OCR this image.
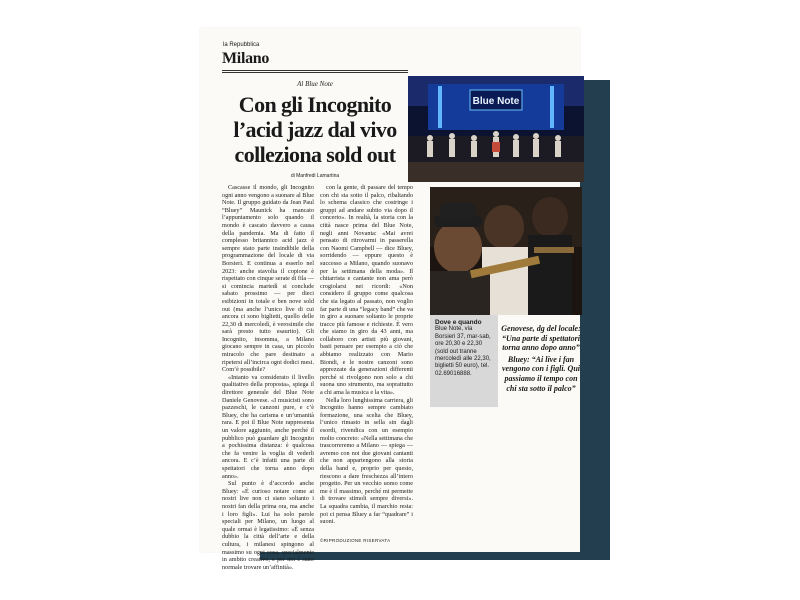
la Repubblica
Milano
Al Blue Note
Con gli Incognito l’acid jazz dal vivo colleziona sold out
di Manfredi Lamartina

Cascasse il mondo, gli Incognito ogni anno vengono a suonare al Blue Note. Il gruppo guidato da Jean Paul “Bluey” Maunick ha mancato l’appuntamento solo quando il mondo è cascato davvero a causa della pandemia. Ma di fatto il complesso britannico acid jazz è sempre stato parte insindibile della programmazione del locale di via Borsieri. E continua a esserlo nel 2023: anche stavolta il copione è rispettato con cinque serate di fila — si comincia martedì si conclude sabato prossimo — per dieci esibizioni in totale e ben nove sold out (ma anche l’unico live di cui ancora ci sono biglietti, quello delle 22,30 di mercoledì, è verosimile che sarà presto tutto esaurito). Gli Incognito, insomma, a Milano giocano sempre in casa, un piccolo miracolo che pare destinato a ripetersi all’incirca ogni dodici mesi. Com’è possibile?

«Intanto va considerato il livello qualitativo della proposta», spiega il direttore generale del Blue Note Daniele Genovese. «I musicisti sono pazzeschi, le canzoni pure, e c’è Bluey, che ha carisma e un’umanità rara. E poi il Blue Note rappresenta un valore aggiunto, anche perché il pubblico può guardare gli Incognito a pochissima distanza: è qualcosa che fa venire la voglia di vederli ancora. E c’è infatti una parte di spettatori che torna anno dopo anno».

Sul punto è d’accordo anche Bluey: «È curioso notare come ai nostri live non ci siano soltanto i nostri fan della prima ora, ma anche i loro figli». Lui ha solo parole speciali per Milano, un luogo al quale ormai è legatissimo: «È senza dubbio la città dell’arte e della cultura, i milanesi spingono al massimo su ogni cosa, specialmente in ambito creativo, e per noi è stato normale trovare un’affinità».

con la gente, di passare del tempo con chi sta sotto il palco, ribaltando lo schema classico che costringe i gruppi ad andare subito via dopo il concerto». In realtà, la storia con la città nasce prima del Blue Note, negli anni Novanta: «Mai avrei pensato di ritrovarmi in passerella con Naomi Campbell — dice Bluey, sorridendo — eppure questo è successo a Milano, quando suonavo per la settimana della moda». Il chitarrista e cantante non ama però crogiolarsi nei ricordi: «Non considero il gruppo come qualcosa che sia legato al passato, non voglio far parte di una “legacy band” che va in giro a suonare soltanto le proprie tracce più famose e richieste. È vero che siamo in giro da 43 anni, ma collaboro con artisti più giovani, basti pensare per esempio a ciò che abbiamo realizzato con Mario Biondi, e le nostre canzoni sono apprezzate da generazioni differenti perché si rivolgono non solo a chi suona uno strumento, ma soprattutto a chi ama la musica e la vita».

Nella loro lunghissima carriera, gli Incognito hanno sempre cambiato formazione, una scelta che Bluey, l’unico rimasto in sella sin dagli esordi, rivendica con un esempio molto concreto: «Nella settimana che trascorreremo a Milano — spiega — avremo con noi due giovani cantanti che non appartengono alla storia della band e, proprio per questo, riescono a dare freschezza all’intero progetto. Per un vecchio uomo come me è il massimo, perché mi permette di trovare stimoli sempre diversi». La squadra cambia, il marchio resta: poi ci pensa Bluey a far “quadrare” i suoni.

©RIPRODUZIONE RISERVATA
Blue Note
Dove e quando
Blue Note, via Borsieri 37, mar-sab, ore 20,30 e 22,30 (sold out tranne mercoledì alle 22,30, biglietti 50 euro), tel. 02.69016888.
Genovese, dg del locale: “Una parte di spettatori torna anno dopo anno”
Bluey: “Ai live i fan vengono con i figli. Qui passiamo il tempo con chi sta sotto il palco”
